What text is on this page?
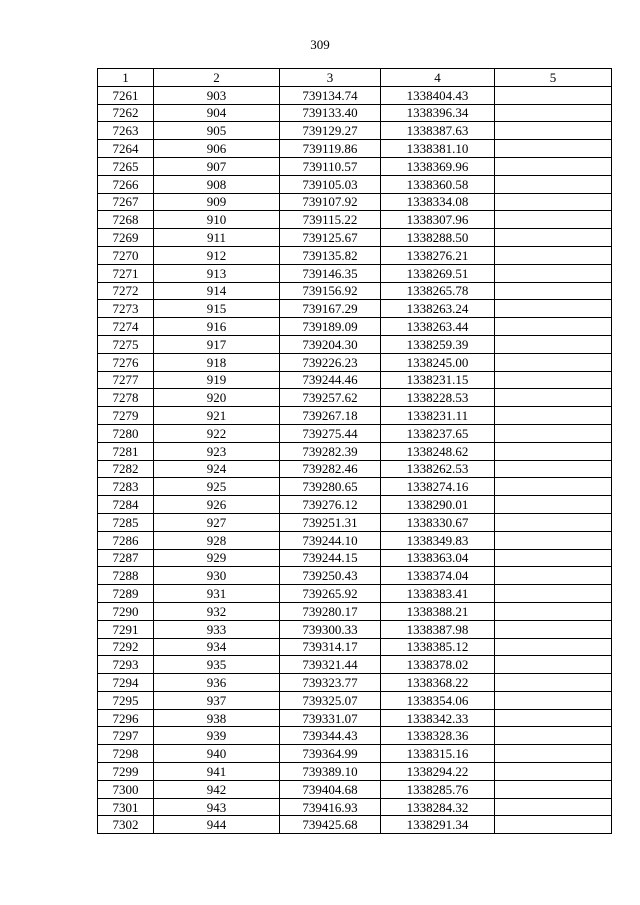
309
1	2	3	4	5
7261	903	739134.74	1338404.43	
7262	904	739133.40	1338396.34	
7263	905	739129.27	1338387.63	
7264	906	739119.86	1338381.10	
7265	907	739110.57	1338369.96	
7266	908	739105.03	1338360.58	
7267	909	739107.92	1338334.08	
7268	910	739115.22	1338307.96	
7269	911	739125.67	1338288.50	
7270	912	739135.82	1338276.21	
7271	913	739146.35	1338269.51	
7272	914	739156.92	1338265.78	
7273	915	739167.29	1338263.24	
7274	916	739189.09	1338263.44	
7275	917	739204.30	1338259.39	
7276	918	739226.23	1338245.00	
7277	919	739244.46	1338231.15	
7278	920	739257.62	1338228.53	
7279	921	739267.18	1338231.11	
7280	922	739275.44	1338237.65	
7281	923	739282.39	1338248.62	
7282	924	739282.46	1338262.53	
7283	925	739280.65	1338274.16	
7284	926	739276.12	1338290.01	
7285	927	739251.31	1338330.67	
7286	928	739244.10	1338349.83	
7287	929	739244.15	1338363.04	
7288	930	739250.43	1338374.04	
7289	931	739265.92	1338383.41	
7290	932	739280.17	1338388.21	
7291	933	739300.33	1338387.98	
7292	934	739314.17	1338385.12	
7293	935	739321.44	1338378.02	
7294	936	739323.77	1338368.22	
7295	937	739325.07	1338354.06	
7296	938	739331.07	1338342.33	
7297	939	739344.43	1338328.36	
7298	940	739364.99	1338315.16	
7299	941	739389.10	1338294.22	
7300	942	739404.68	1338285.76	
7301	943	739416.93	1338284.32	
7302	944	739425.68	1338291.34	
